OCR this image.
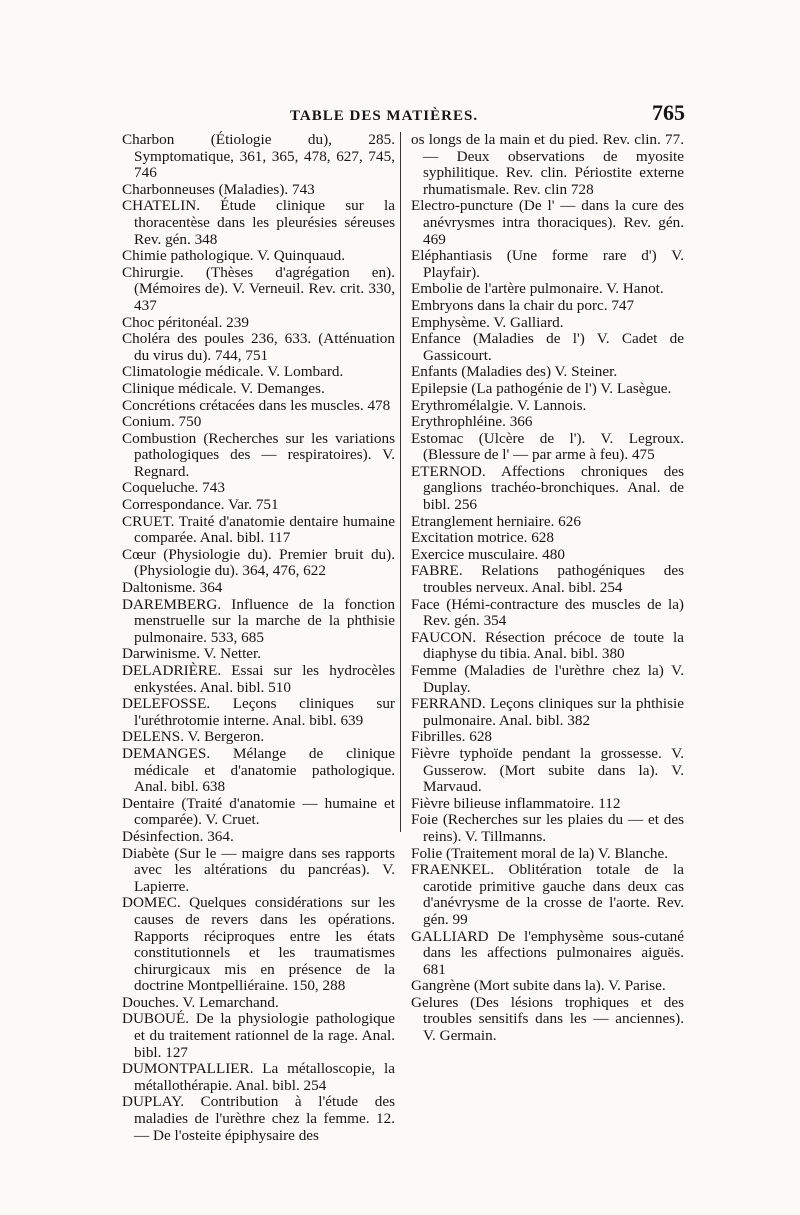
TABLE DES MATIÈRES.	765

Charbon (Étiologie du), 285. Symptomatique, 361, 365, 478, 627, 745, 746

Charbonneuses (Maladies). 743

CHATELIN. Étude clinique sur la thoracentèse dans les pleurésies séreuses Rev. gén. 348

Chimie pathologique. V. Quinquaud.

Chirurgie. (Thèses d'agrégation en). (Mémoires de). V. Verneuil. Rev. crit. 330, 437

Choc péritonéal. 239

Choléra des poules 236, 633. (Atténuation du virus du). 744, 751

Climatologie médicale. V. Lombard.

Clinique médicale. V. Demanges.

Concrétions crétacées dans les muscles. 478

Conium. 750

Combustion (Recherches sur les variations pathologiques des — respiratoires). V. Regnard.

Coqueluche. 743

Correspondance. Var. 751

CRUET. Traité d'anatomie dentaire humaine comparée. Anal. bibl. 117

Cœur (Physiologie du). Premier bruit du). (Physiologie du). 364, 476, 622

Daltonisme. 364

DAREMBERG. Influence de la fonction menstruelle sur la marche de la phthisie pulmonaire. 533, 685

Darwinisme. V. Netter.

DELADRIÈRE. Essai sur les hydrocèles enkystées. Anal. bibl. 510

DELEFOSSE. Leçons cliniques sur l'uréthrotomie interne. Anal. bibl. 639

DELENS. V. Bergeron.

DEMANGES. Mélange de clinique médicale et d'anatomie pathologique. Anal. bibl. 638

Dentaire (Traité d'anatomie — humaine et comparée). V. Cruet.

Désinfection. 364.

Diabète (Sur le — maigre dans ses rapports avec les altérations du pancréas). V. Lapierre.

DOMEC. Quelques considérations sur les causes de revers dans les opérations. Rapports réciproques entre les états constitutionnels et les traumatismes chirurgicaux mis en présence de la doctrine Montpelliéraine. 150, 288

Douches. V. Lemarchand.

DUBOUÉ. De la physiologie pathologique et du traitement rationnel de la rage. Anal. bibl. 127

DUMONTPALLIER. La métalloscopie, la métallothérapie. Anal. bibl. 254

DUPLAY. Contribution à l'étude des maladies de l'urèthre chez la femme. 12. — De l'osteite épiphysaire des

os longs de la main et du pied. Rev. clin. 77. — Deux observations de myosite syphilitique. Rev. clin. Périostite externe rhumatismale. Rev. clin 728

Electro-puncture (De l' — dans la cure des anévrysmes intra thoraciques). Rev. gén. 469

Eléphantiasis (Une forme rare d') V. Playfair).

Embolie de l'artère pulmonaire. V. Hanot.

Embryons dans la chair du porc. 747

Emphysème. V. Galliard.

Enfance (Maladies de l') V. Cadet de Gassicourt.

Enfants (Maladies des) V. Steiner.

Epilepsie (La pathogénie de l') V. Lasègue.

Erythromélalgie. V. Lannois.

Erythrophléine. 366

Estomac (Ulcère de l'). V. Legroux. (Blessure de l' — par arme à feu). 475

ETERNOD. Affections chroniques des ganglions trachéo-bronchiques. Anal. de bibl. 256

Etranglement herniaire. 626

Excitation motrice. 628

Exercice musculaire. 480

FABRE. Relations pathogéniques des troubles nerveux. Anal. bibl. 254

Face (Hémi-contracture des muscles de la) Rev. gén. 354

FAUCON. Résection précoce de toute la diaphyse du tibia. Anal. bibl. 380

Femme (Maladies de l'urèthre chez la) V. Duplay.

FERRAND. Leçons cliniques sur la phthisie pulmonaire. Anal. bibl. 382

Fibrilles. 628

Fièvre typhoïde pendant la grossesse. V. Gusserow. (Mort subite dans la). V. Marvaud.

Fièvre bilieuse inflammatoire. 112

Foie (Recherches sur les plaies du — et des reins). V. Tillmanns.

Folie (Traitement moral de la) V. Blanche.

FRAENKEL. Oblitération totale de la carotide primitive gauche dans deux cas d'anévrysme de la crosse de l'aorte. Rev. gén. 99

GALLIARD De l'emphysème sous-cutané dans les affections pulmonaires aiguës. 681

Gangrène (Mort subite dans la). V. Parise.

Gelures (Des lésions trophiques et des troubles sensitifs dans les — anciennes). V. Germain.
